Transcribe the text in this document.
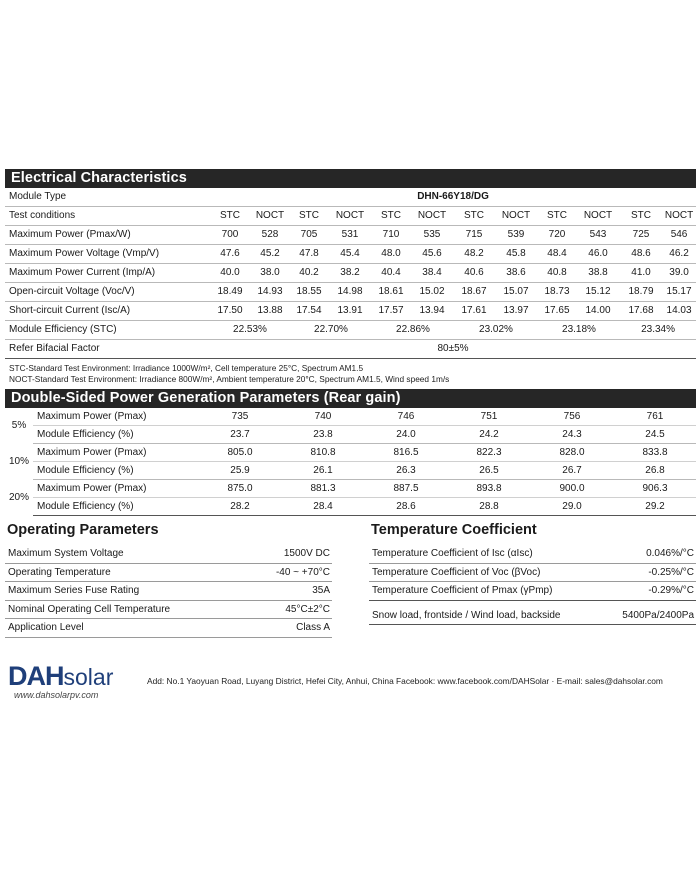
Electrical Characteristics
Module Type	DHN-66Y18/DG											
Test conditions	STC	NOCT	STC	NOCT	STC	NOCT	STC	NOCT	STC	NOCT	STC	NOCT
Maximum Power (Pmax/W)	700	528	705	531	710	535	715	539	720	543	725	546
Maximum Power Voltage (Vmp/V)	47.6	45.2	47.8	45.4	48.0	45.6	48.2	45.8	48.4	46.0	48.6	46.2
Maximum Power Current (Imp/A)	40.0	38.0	40.2	38.2	40.4	38.4	40.6	38.6	40.8	38.8	41.0	39.0
Open-circuit Voltage (Voc/V)	18.49	14.93	18.55	14.98	18.61	15.02	18.67	15.07	18.73	15.12	18.79	15.17
Short-circuit Current (Isc/A)	17.50	13.88	17.54	13.91	17.57	13.94	17.61	13.97	17.65	14.00	17.68	14.03
Module Efficiency (STC)	22.53%		22.70%		22.86%		23.02%		23.18%		23.34%	
Refer Bifacial Factor	80±5%											
STC-Standard Test Environment: Irradiance 1000W/m², Cell temperature 25°C, Spectrum AM1.5
NOCT-Standard Test Environment: Irradiance 800W/m², Ambient temperature 20°C, Spectrum AM1.5, Wind speed 1m/s
Double-Sided Power Generation Parameters (Rear gain)
5%	Maximum Power (Pmax)	735	740	746	751	756	761
	Module Efficiency (%)	23.7	23.8	24.0	24.2	24.3	24.5
10%	Maximum Power (Pmax)	805.0	810.8	816.5	822.3	828.0	833.8
	Module Efficiency (%)	25.9	26.1	26.3	26.5	26.7	26.8
20%	Maximum Power (Pmax)	875.0	881.3	887.5	893.8	900.0	906.3
	Module Efficiency (%)	28.2	28.4	28.6	28.8	29.0	29.2
Operating Parameters
Maximum System Voltage	1500V DC
Operating Temperature	-40 ~ +70°C
Maximum Series Fuse Rating	35A
Nominal Operating Cell Temperature	45°C±2°C
Application Level	Class A
Temperature Coefficient
Temperature Coefficient of Isc (αIsc)	0.046%/°C
Temperature Coefficient of Voc (βVoc)	-0.25%/°C
Temperature Coefficient of Pmax (γPmp)	-0.29%/°C

Snow load, frontside / Wind load, backside	5400Pa/2400Pa
DAHsolar
www.dahsolarpv.com
Add: No.1 Yaoyuan Road, Luyang District, Hefei City, Anhui, China Facebook: www.facebook.com/DAHSolar · E-mail: sales@dahsolar.com
